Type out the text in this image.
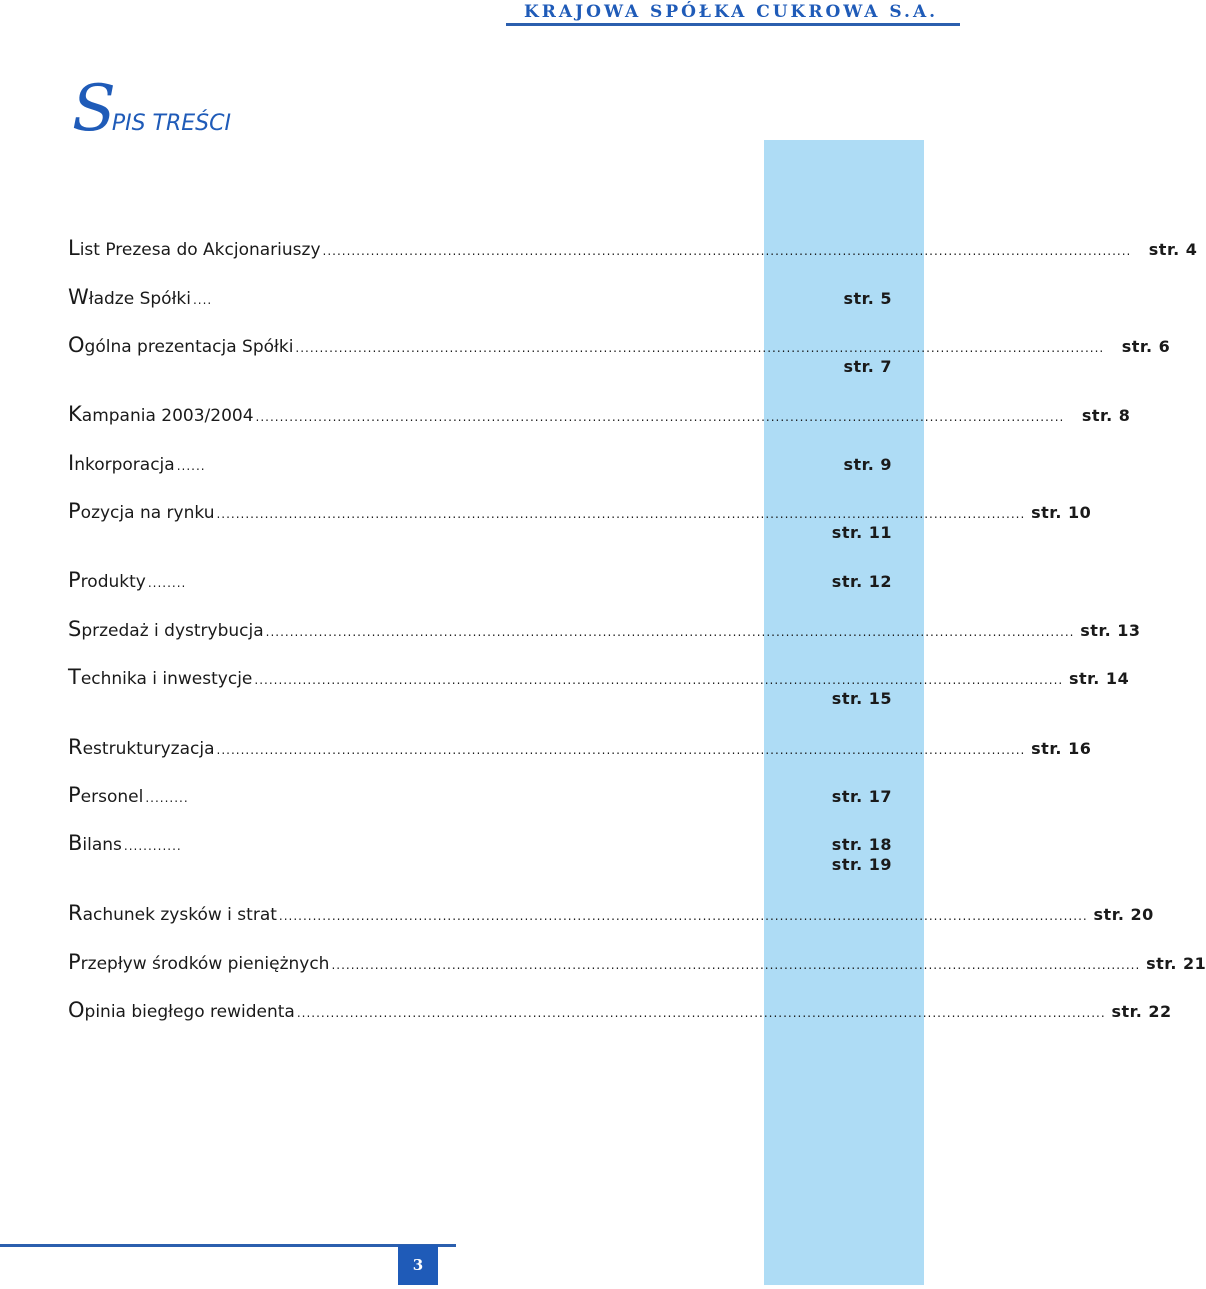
KRAJOWA SPÓŁKA CUKROWA S.A.
SPIS TREŚCI
List Prezesa do Akcjonariuszy ........................................................................................................................................................................	str. 4
Władze Spółki ....	str. 5
Ogólna prezentacja Spółki ........................................................................................................................................................................	str. 6
str. 7
Kampania 2003/2004 ........................................................................................................................................................................	str. 8
Inkorporacja ......	str. 9
Pozycja na rynku ........................................................................................................................................................................ str. 10
str. 11
Produkty ........	str. 12
Sprzedaż i dystrybucja ........................................................................................................................................................................ str. 13
Technika i inwestycje ........................................................................................................................................................................ str. 14
str. 15
Restrukturyzacja ........................................................................................................................................................................ str. 16
Personel .........	str. 17
Bilans ............	str. 18
str. 19
Rachunek zysków i strat ........................................................................................................................................................................ str. 20
Przepływ środków pieniężnych ........................................................................................................................................................................ str. 21
Opinia biegłego rewidenta ........................................................................................................................................................................ str. 22
3
